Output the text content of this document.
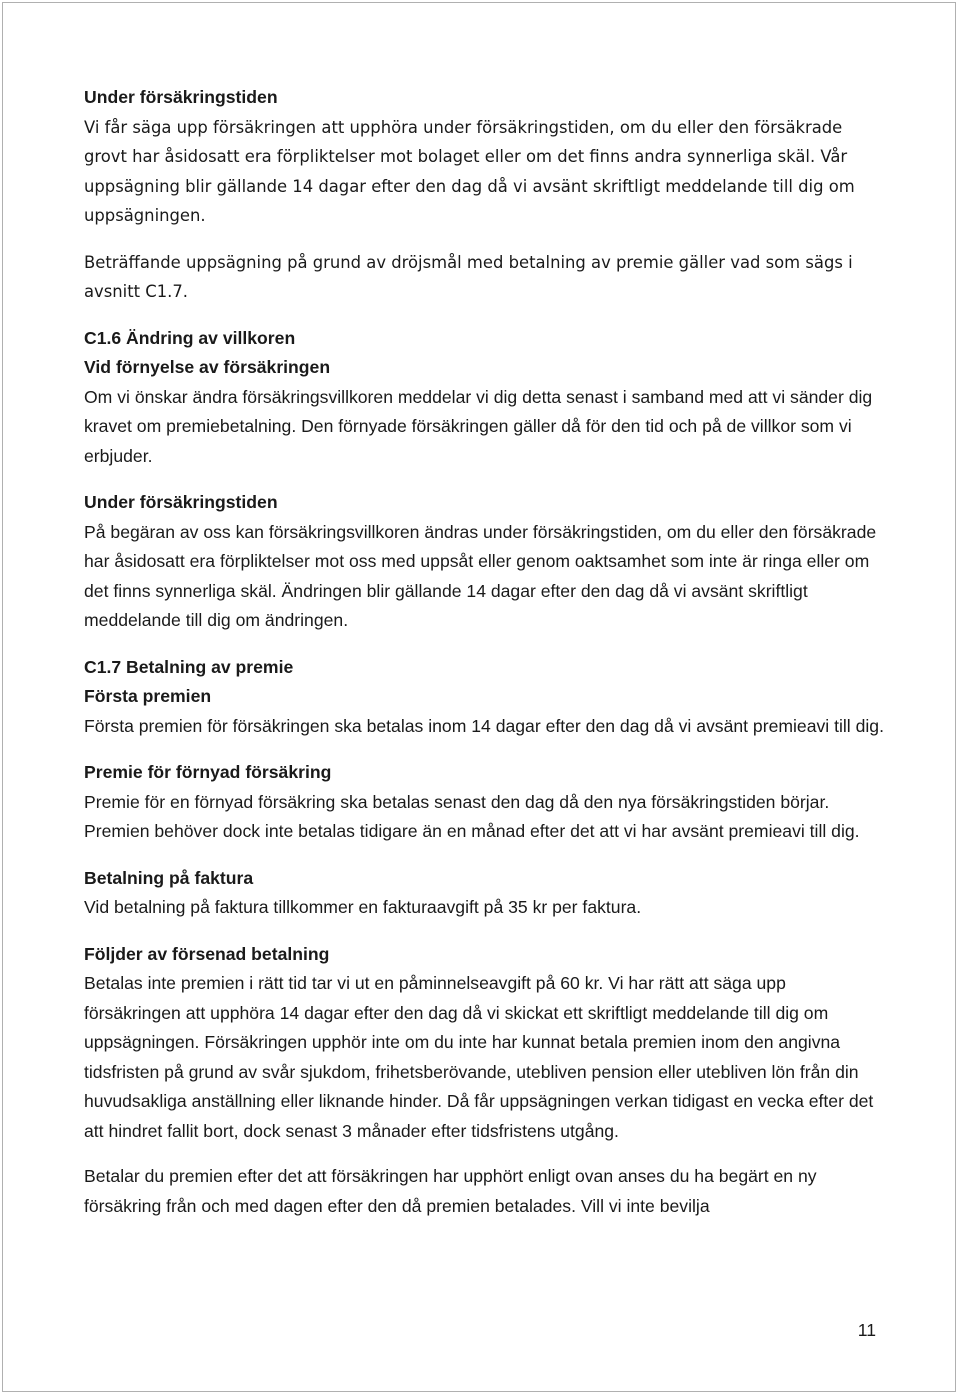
Under försäkringstiden

Vi får säga upp försäkringen att upphöra under försäkringstiden, om du eller den försäkrade grovt har åsidosatt era förpliktelser mot bolaget eller om det finns andra synnerliga skäl. Vår uppsägning blir gällande 14 dagar efter den dag då vi avsänt skriftligt meddelande till dig om uppsägningen.

Beträffande uppsägning på grund av dröjsmål med betalning av premie gäller vad som sägs i avsnitt C1.7.

C1.6 Ändring av villkoren

Vid förnyelse av försäkringen

Om vi önskar ändra försäkringsvillkoren meddelar vi dig detta senast i samband med att vi sänder dig kravet om premiebetalning. Den förnyade försäkringen gäller då för den tid och på de villkor som vi erbjuder.

Under försäkringstiden

På begäran av oss kan försäkringsvillkoren ändras under försäkringstiden, om du eller den försäkrade har åsidosatt era förpliktelser mot oss med uppsåt eller genom oaktsamhet som inte är ringa eller om det finns synnerliga skäl. Ändringen blir gällande 14 dagar efter den dag då vi avsänt skriftligt meddelande till dig om ändringen.

C1.7 Betalning av premie

Första premien

Första premien för försäkringen ska betalas inom 14 dagar efter den dag då vi avsänt premieavi till dig.

Premie för förnyad försäkring

Premie för en förnyad försäkring ska betalas senast den dag då den nya försäkringstiden börjar. Premien behöver dock inte betalas tidigare än en månad efter det att vi har avsänt premieavi till dig.

Betalning på faktura

Vid betalning på faktura tillkommer en fakturaavgift på 35 kr per faktura.

Följder av försenad betalning

Betalas inte premien i rätt tid tar vi ut en påminnelseavgift på 60 kr. Vi har rätt att säga upp försäkringen att upphöra 14 dagar efter den dag då vi skickat ett skriftligt meddelande till dig om uppsägningen. Försäkringen upphör inte om du inte har kunnat betala premien inom den angivna tidsfristen på grund av svår sjukdom, frihetsberövande, utebliven pension eller utebliven lön från din huvudsakliga anställning eller liknande hinder. Då får uppsägningen verkan tidigast en vecka efter det att hindret fallit bort, dock senast 3 månader efter tidsfristens utgång.

Betalar du premien efter det att försäkringen har upphört enligt ovan anses du ha begärt en ny försäkring från och med dagen efter den då premien betalades. Vill vi inte bevilja

11
